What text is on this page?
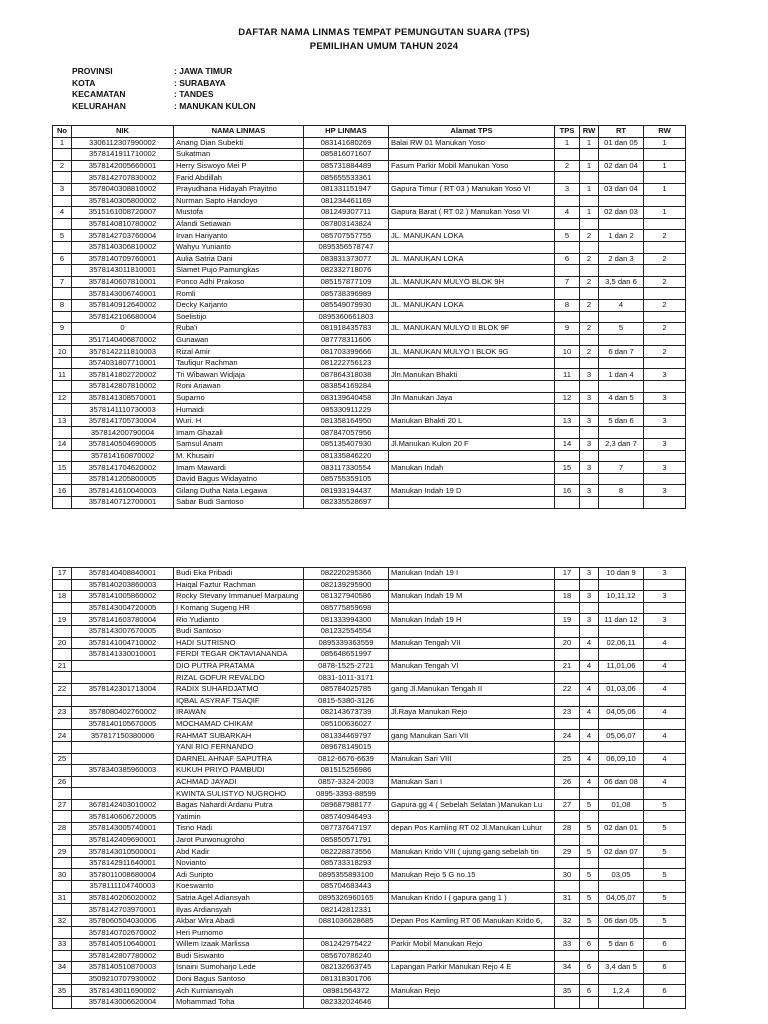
DAFTAR NAMA LINMAS TEMPAT PEMUNGUTAN SUARA (TPS)
PEMILIHAN UMUM TAHUN 2024
PROVINSI	: JAWA TIMUR
KOTA	: SURABAYA
KECAMATAN	: TANDES
KELURAHAN	: MANUKAN KULON
No	NIK	NAMA LINMAS	HP LINMAS	Alamat TPS	TPS	RW	RT	RW
1	3306112307990002	Anang Dian Subekti	083141680269	Balai RW 01 Manukan Yoso	1	1	01 dan 05	1
	3578141911710002	Sukatman	085816071607					
2	3578142005660001	Herry Siswoyo Mei P	085731884489	Fasum Parkir Mobil Manukan Yoso	2	1	02 dan 04	1
	3578142707830002	Farid Abdillah	085655533361					
3	3578040308810002	Prayudhana Hidayah Prayitno	081331151947	Gapura Timur ( RT 03 ) Manukan Yoso VI	3	1	03 dan 04	1
	3578140305800002	Nurman Sapto Handoyo	081234461169					
4	3515161008720007	Mustofa	081249307711	Gapura Barat ( RT 02 ) Manukan Yoso VI	4	1	02 dan 03	1
	3578140810780002	Afandi Setiawan	087803143824					
5	3578142703760004	Irvan Hariyanto	085707557755	JL. MANUKAN LOKA	5	2	1 dan 2	2
	3578140306810002	Wahyu Yunianto	0895356578747					
6	3578140709760001	Aulia Satria Dani	083831373077	JL. MANUKAN LOKA	6	2	2 dan 3	2
	3578143011810001	Slamet Pujo Pamungkas	082332718076					
7	3578140607810001	Ponco Adhi Prakoso	085157877109	JL. MANUKAN MULYO BLOK 9H	7	2	3,5 dan 6	2
	3578143006740001	Romli	085738396989					
8	3578140912640002	Decky Karjanto	085549079930	JL. MANUKAN LOKA	8	2	4	2
	3578142106680004	Soelistijo	0895360661803					
9	0	Ruba'i	081918435783	JL. MANUKAN MULYO II BLOK 9F	9	2	5	2
	3517140406870002	Gunawan	087778311606					
10	3578142211810003	Rizal Amir	081703399666	JL. MANUKAN MULYO I BLOK 9G	10	2	6 dan 7	2
	3574031807710001	Taufiqur Rachman	081222756123					
11	3578141802720002	Tri Wibawan Widjaja	087864318038	Jln.Manukan Bhakti	11	3	1 dan 4	3
	3578142807810002	Roni Ariawan	083854169284					
12	3578141308570001	Suparno	083139640458	Jln Manukan Jaya	12	3	4 dan 5	3
	3578141110730003	Humaidi	085330911229					
13	3578141705730004	Wuri. H	081358164950	Manukan Bhakti 20 L	13	3	5 dan 6	3
	357814200790004	Imam Ghazali	087847057956					
14	3578140504690005	Samsul Anam	085135407930	Jl.Manukan Kulon 20 F	14	3	2,3 dan 7	3
	357814160870002	M. Khusairi	081335846220					
15	3578141704620002	Imam Mawardi	083117330554	Manukan Indah	15	3	7	3
	3578141205800005	David Bagus Widayatno	085755359105					
16	3578141610040003	Gilang Dutha Nata Legawa	081933194437	Manukan Indah 19 D	16	3	8	3
	3578140712700001	Sabar Budi Santoso	082335528697					
17	3578140408840001	Budi Eka Pribadi	082220295366	Manukan Indah 19 I	17	3	10 dan 9	3
	3578140203860003	Haiqal Faztur Rachman	082139295900					
18	3578141005860002	Rocky Stevany Immanuel Marpaung	081327940586	Manukan Indah 19 M	18	3	10,11,12	3
	3578143004720005	I Komang Sugeng HR	085775859698					
19	3578141603780004	Rio Yudianto	081333994300	Manukan Indah 19 H	19	3	11 dan 12	3
	3578143007670005	Budi Santoso	081232554554					
20	3578141004710002	HADI SUTRISNO	0895339363559	Manukan Tengah VII	20	4	02,06,11	4
	3578141330010001	FERDI TEGAR OKTAVIANANDA	085648651997					
21		DIO PUTRA PRATAMA	0878-1525-2721	Manukan Tengah VI	21	4	11,01,06	4
		RIZAL GOFUR REVALDO	0831-1011-3171					
22	3578142301713004	RADIX SUHARDJATMO	085784025785	gang Jl.Manukan Tengah II	22	4	01,03,06	4
		IQBAL ASYRAF TSAQIF	0815-5380-3126					
23	3578080402760002	IRAWAN	082143673739	Jl.Raya Manukan Rejo	23	4	04,05,06	4
	3578140105670005	MOCHAMAD CHIKAM	085100636027					
24	357817150380006	RAHMAT SUBARKAH	081334469797	gang Manukan Sari VII	24	4	05,06,07	4
		YANI RIO FERNANDO	089678149015					
25		DARNEL AHNAF SAPUTRA	0812-6676-6639	Manukan Sari VIII	25	4	06,09,10	4
	3578340385960003	KUKUH PRIYO PAMBUDI	081515256986					
26		ACHMAD JAYADI	0857-3324-2003	Manukan Sari I	26	4	06 dan 08	4
		KWINTA SULISTYO NUGROHO	0895-3393-88599					
27	3678142403010002	Bagas Nahardi Ardanu Putra	089687988177	Gapura gg 4 ( Sebelah Selatan )Manukan Lu	27	5	01,08	5
	3578140606720005	Yatimin	085740946493					
28	3578143005740001	Tisno Hadi	087737647197	depan Pos Kamling RT 02 Jl.Manukan Luhur	28	5	02 dan 01	5
	3578142409690001	Jarot Purwonugroho	085850571791					
29	3578143010500001	Abd Kadir	082228873556	Manukan Krido VIII ( ujung gang sebelah tin	29	5	02 dan 07	5
	3578142911640001	Novianto	085733318293					
30	3578011008680004	Adi Suripto	0895355893100	Manukan Rejo 5 G no.15	30	5	03,05	5
	3578111104740003	Koeswanto	085704683443					
31	3578140206020002	Satria Agel Adiansyah	0895326960165	Manukan Krido I ( gapura gang 1 )	31	5	04,05,07	5
	3578142703970001	Ilyas Ardiansyah	082142812331					
32	3578060504030006	Akbar Wira Abadi	0881036628685	Depan Pos Kamling RT 06 Manukan Krido 6,	32	5	06 dan 05	5
	3578140702670002	Heri Purnomo						
33	3578140510640001	Willem Izaak Marlissa	081242975422	Parkir Mobil Manukan Rejo	33	6	5 dan 6	6
	3578142807780002	Budi Siswanto	085670786240					
34	3578140510870003	Isnaini Sumoharjo Lede	082132663745	Lapangan Parkir Manukan Rejo 4 E	34	6	3,4 dan 5	6
	3509210707930002	Doni Bagus Santoso	081318301706					
35	3578143011690002	Ach Kurniansyah	08981564372	Manukan Rejo	35	6	1,2,4	6
	3578143006620004	Mohammad Toha	082332024646					
